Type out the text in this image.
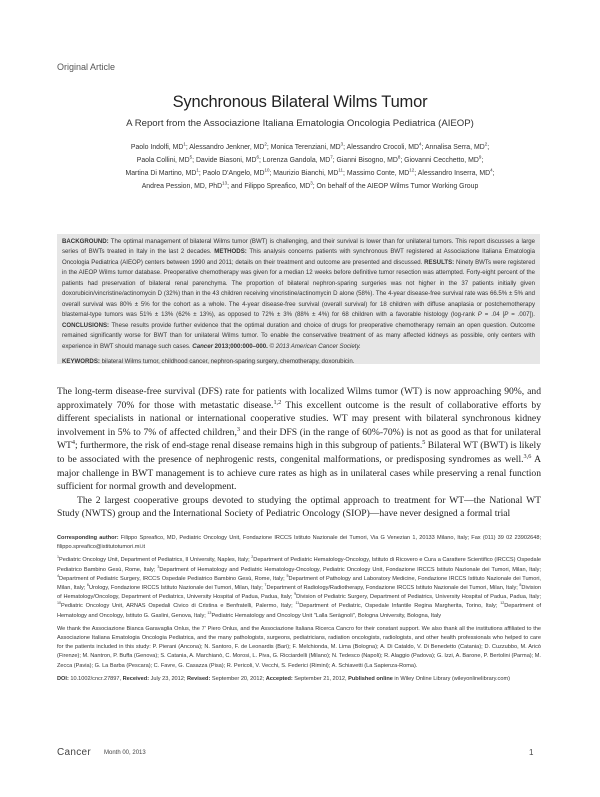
Original Article
Synchronous Bilateral Wilms Tumor
A Report from the Associazione Italiana Ematologia Oncologia Pediatrica (AIEOP)
Paolo Indolfi, $MD^1$; Alessandro Jenkner, $MD^2$; Monica Terenziani, $MD^3$; Alessandro Crocoli, $MD^4$; Annalisa Serra, $MD^2$;
Paola Collini, $MD^5$; Davide Biasoni, $MD^6$; Lorenza Gandola, $MD^7$; Gianni Bisogno, $MD^8$; Giovanni Cecchetto, $MD^9$;
Martina Di Martino, $MD^1$; Paolo D'Angelo, MD$^{10}$; Maurizio Bianchi, MD$^{11}$; Massimo Conte, MD$^{12}$; Alessandro Inserra, $MD^4$;
Andrea Pession, MD, PhD$^{13}$; and Filippo Spreafico, $MD^3$; On behalf of the AIEOP Wilms Tumor Working Group

BACKGROUND: The optimal management of bilateral Wilms tumor (BWT) is challenging, and their survival is lower than for unilateral tumors. This report discusses a large series of BWTs treated in Italy in the last 2 decades. METHODS: This analysis concerns patients with synchronous BWT registered at Associazione Italiana Ematologia Oncologia Pediatrica (AIEOP) centers between 1990 and 2011; details on their treatment and outcome are presented and discussed. RESULTS: Ninety BWTs were registered in the AIEOP Wilms tumor database. Preoperative chemotherapy was given for a median 12 weeks before definitive tumor resection was attempted. Forty-eight percent of the patients had preservation of bilateral renal parenchyma. The proportion of bilateral nephron-sparing surgeries was not higher in the 37 patients initially given doxorubicin/vincristine/actinomycin D (32%) than in the 43 children receiving vincristine/actinomycin D alone (58%). The 4-year disease-free survival rate was 66.5% ± 5% and overall survival was 80% ± 5% for the cohort as a whole. The 4-year disease-free survival (overall survival) for 18 children with diffuse anaplasia or postchemotherapy blastemal-type tumors was 51% ± 13% (62% ± 13%), as opposed to 72% ± 3% (88% ± 4%) for 68 children with a favorable histology (log-rank P = .04 [P = .007]). CONCLUSIONS: These results provide further evidence that the optimal duration and choice of drugs for preoperative chemotherapy remain an open question. Outcome remained significantly worse for BWT than for unilateral Wilms tumor. To enable the conservative treatment of as many affected kidneys as possible, only centers with experience in BWT should manage such cases. Cancer 2013;000:000–000. © 2013 American Cancer Society.

KEYWORDS: bilateral Wilms tumor, childhood cancer, nephron-sparing surgery, chemotherapy, doxorubicin.

The long-term disease-free survival (DFS) rate for patients with localized Wilms tumor (WT) is now approaching 90%, and approximately 70% for those with metastatic disease.$^{1,2}$ This excellent outcome is the result of collaborative efforts by different specialists in national or international cooperative studies. WT may present with bilateral synchronous kidney involvement in 5% to 7% of affected children,$^3$ and their DFS (in the range of 60%-70%) is not as good as that for unilateral $WT^4$; furthermore, the risk of end-stage renal disease remains high in this subgroup of patients.$^5$ Bilateral WT (BWT) is likely to be associated with the presence of nephrogenic rests, congenital malformations, or predisposing syndromes as well.$^{3,6}$ A major challenge in BWT management is to achieve cure rates as high as in unilateral cases while preserving a renal function sufficient for normal growth and development.

The 2 largest cooperative groups devoted to studying the optimal approach to treatment for WT—the National WT Study (NWTS) group and the International Society of Pediatric Oncology (SIOP)—have never designed a formal trial

Corresponding author: Filippo Spreafico, MD, Pediatric Oncology Unit, Fondazione IRCCS Istituto Nazionale dei Tumori, Via G Venezian 1, 20133 Milano, Italy; Fax (011) 39 02 23902648; filippo.spreafico@istitutotumori.mi.it

$^1$Pediatric Oncology Unit, Department of Pediatrics, II University, Naples, Italy; $^2$Department of Pediatric Hematology-Oncology, Istituto di Ricovero e Cura a Carattere Scientifico (IRCCS) Ospedale Pediatrico Bambino Gesù, Rome, Italy; $^3$Department of Hematology and Pediatric Hematology-Oncology, Pediatric Oncology Unit, Fondazione IRCCS Istituto Nazionale dei Tumori, Milan, Italy; $^4$Department of Pediatric Surgery, IRCCS Ospedale Pediatrico Bambino Gesù, Rome, Italy; $^5$Department of Pathology and Laboratory Medicine, Fondazione IRCCS Istituto Nazionale dei Tumori, Milan, Italy; $^6$Urology, Fondazione IRCCS Istituto Nazionale dei Tumori, Milan, Italy; $^7$Department of Radiology/Radiotherapy, Fondazione IRCCS Istituto Nazionale dei Tumori, Milan, Italy; $^8$Division of Hematology/Oncology, Department of Pediatrics, University Hospital of Padua, Padua, Italy; $^9$Division of Pediatric Surgery, Department of Pediatrics, University Hospital of Padua, Padua, Italy; $^{10}$Pediatric Oncology Unit, ARNAS Ospedali Civico di Cristina e Benfratelli, Palermo, Italy; $^{11}$Department of Pediatric, Ospedale Infantile Regina Margherita, Torino, Italy; $^{12}$Department of Hematology and Oncology, Istituto G. Gaslini, Genova, Italy; $^{13}$Pediatric Hematology and Oncology Unit "Lalla Seràgnoli", Bologna University, Bologna, Italy

We thank the Associazione Bianca Garavaglia Onlus, the 7' Piero Onlus, and the Associazione Italiana Ricerca Cancro for their constant support. We also thank all the institutions affiliated to the Associazione Italiana Ematologia Oncologia Pediatrica, and the many pathologists, surgeons, pediatricians, radiation oncologists, radiologists, and other health professionals who helped to care for the patients included in this study: P. Pierani (Ancona); N. Santoro, F. de Leonardis (Bari); F. Melchionda, M. Lima (Bologna); A. Di Cataldo, V. Di Benedetto (Catania); D. Cuzzubbo, M. Aricò (Firenze); M. Nantron, P. Buffa (Genova); S. Catania, A. Marchianò, C. Morosi, L. Piva, G. Ricciardelli (Milano); N. Tedesco (Napoli); R. Alaggio (Padova); G. Izzi, A. Barone, P. Bertolini (Parma); M. Zecca (Pavia); G. La Barba (Pescara); C. Favre, G. Casazza (Pisa); R. Pericoli, V. Vecchi, S. Federici (Rimini); A. Schiavetti (La Sapienza-Roma).

DOI: 10.1002/cncr.27897, Received: July 23, 2012; Revised: September 20, 2012; Accepted: September 21, 2012, Published online in Wiley Online Library (wileyonlinelibrary.com)

Cancer Month 00, 2013	1
